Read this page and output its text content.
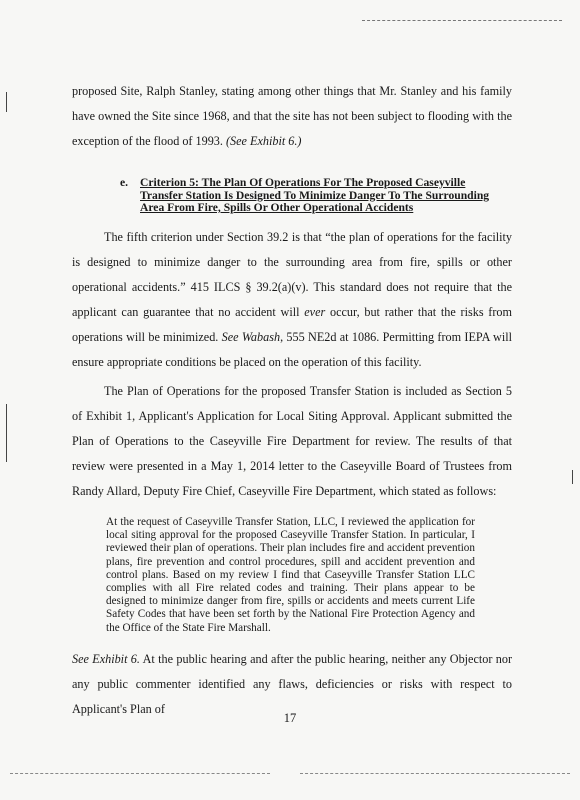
proposed Site, Ralph Stanley, stating among other things that Mr. Stanley and his family have owned the Site since 1968, and that the site has not been subject to flooding with the exception of the flood of 1993. (See Exhibit 6.)

e. Criterion 5: The Plan Of Operations For The Proposed Caseyville Transfer Station Is Designed To Minimize Danger To The Surrounding Area From Fire, Spills Or Other Operational Accidents

The fifth criterion under Section 39.2 is that “the plan of operations for the facility is designed to minimize danger to the surrounding area from fire, spills or other operational accidents.” 415 ILCS § 39.2(a)(v). This standard does not require that the applicant can guarantee that no accident will ever occur, but rather that the risks from operations will be minimized. See Wabash, 555 NE2d at 1086. Permitting from IEPA will ensure appropriate conditions be placed on the operation of this facility.

The Plan of Operations for the proposed Transfer Station is included as Section 5 of Exhibit 1, Applicant's Application for Local Siting Approval. Applicant submitted the Plan of Operations to the Caseyville Fire Department for review. The results of that review were presented in a May 1, 2014 letter to the Caseyville Board of Trustees from Randy Allard, Deputy Fire Chief, Caseyville Fire Department, which stated as follows:

At the request of Caseyville Transfer Station, LLC, I reviewed the application for local siting approval for the proposed Caseyville Transfer Station. In particular, I reviewed their plan of operations. Their plan includes fire and accident prevention plans, fire prevention and control procedures, spill and accident prevention and control plans. Based on my review I find that Caseyville Transfer Station LLC complies with all Fire related codes and training. Their plans appear to be designed to minimize danger from fire, spills or accidents and meets current Life Safety Codes that have been set forth by the National Fire Protection Agency and the Office of the State Fire Marshall.

See Exhibit 6. At the public hearing and after the public hearing, neither any Objector nor any public commenter identified any flaws, deficiencies or risks with respect to Applicant's Plan of

17
